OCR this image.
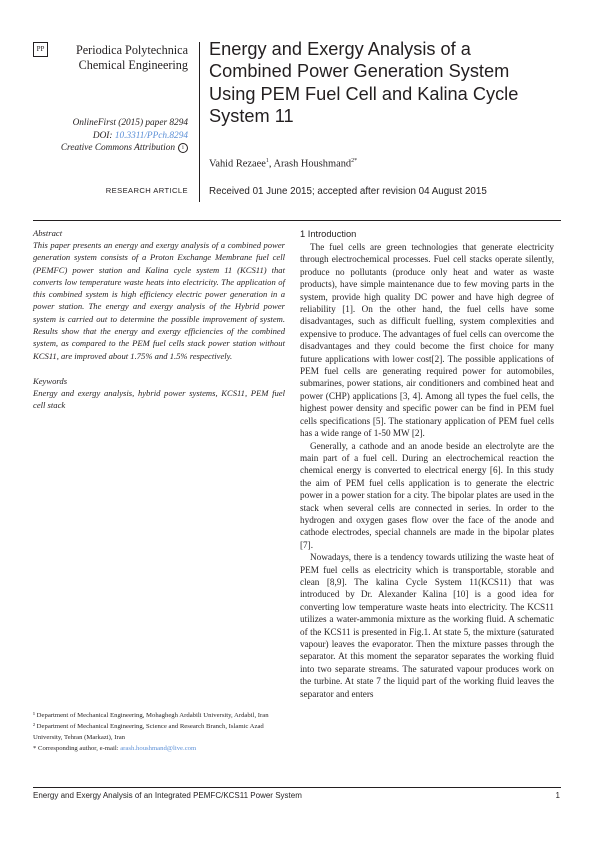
PP	Periodica Polytechnica
Chemical Engineering
OnlineFirst (2015) paper 8294
DOI: 10.3311/PPch.8294
Creative Commons Attribution i
RESEARCH ARTICLE
Energy and Exergy Analysis of a Combined Power Generation System Using PEM Fuel Cell and Kalina Cycle System 11
Vahid Rezaee$^1$, Arash Houshmand$^{2*}$
Received 01 June 2015; accepted after revision 04 August 2015

Abstract

This paper presents an energy and exergy analysis of a combined power generation system consists of a Proton Exchange Membrane fuel cell (PEMFC) power station and Kalina cycle system 11 (KCS11) that converts low temperature waste heats into electricity. The application of this combined system is high efficiency electric power generation in a power station. The energy and exergy analysis of the Hybrid power system is carried out to determine the possible improvement of system. Results show that the energy and exergy efficiencies of the combined system, as compared to the PEM fuel cells stack power station without KCS11, are improved about 1.75% and 1.5% respectively.

Keywords

Energy and exergy analysis, hybrid power systems, KCS11, PEM fuel cell stack

¹ Department of Mechanical Engineering, Mohaghegh Ardabili University, Ardabil, Iran

² Department of Mechanical Engineering, Science and Research Branch, Islamic Azad University, Tehran (Markazi), Iran

* Corresponding author, e-mail: arash.houshmand@live.com

1 Introduction

The fuel cells are green technologies that generate electricity through electrochemical processes. Fuel cell stacks operate silently, produce no pollutants (produce only heat and water as waste products), have simple maintenance due to few moving parts in the system, provide high quality DC power and have high degree of reliability [1]. On the other hand, the fuel cells have some disadvantages, such as difficult fuelling, system complexities and expensive to produce. The advantages of fuel cells can overcome the disadvantages and they could become the first choice for many future applications with lower cost[2]. The possible applications of PEM fuel cells are generating required power for automobiles, submarines, power stations, air conditioners and combined heat and power (CHP) applications [3, 4]. Among all types the fuel cells, the highest power density and specific power can be find in PEM fuel cells specifications [5]. The stationary application of PEM fuel cells has a wide range of 1-50 MW [2].

Generally, a cathode and an anode beside an electrolyte are the main part of a fuel cell. During an electrochemical reaction the chemical energy is converted to electrical energy [6]. In this study the aim of PEM fuel cells application is to generate the electric power in a power station for a city. The bipolar plates are used in the stack when several cells are connected in series. In order to the hydrogen and oxygen gases flow over the face of the anode and cathode electrodes, special channels are made in the bipolar plates [7].

Nowadays, there is a tendency towards utilizing the waste heat of PEM fuel cells as electricity which is transportable, storable and clean [8,9]. The kalina Cycle System 11(KCS11) that was introduced by Dr. Alexander Kalina [10] is a good idea for converting low temperature waste heats into electricity. The KCS11 utilizes a water-ammonia mixture as the working fluid. A schematic of the KCS11 is presented in Fig.1. At state 5, the mixture (saturated vapour) leaves the evaporator. Then the mixture passes through the separator. At this moment the separator separates the working fluid into two separate streams. The saturated vapour produces work on the turbine. At state 7 the liquid part of the working fluid leaves the separator and enters

Energy and Exergy Analysis of an Integrated PEMFC/KCS11 Power System	1
